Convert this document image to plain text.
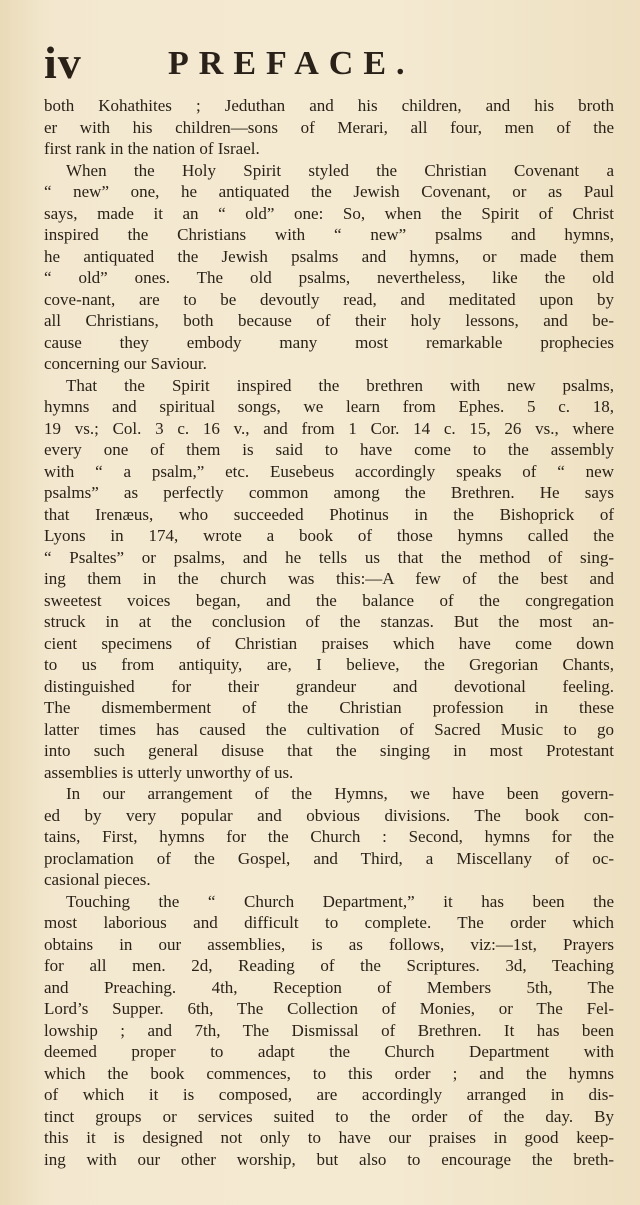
iv	PREFACE.
both Kohathites ; Jeduthan and his children, and his broth
er with his children—sons of Merari, all four, men of the
first rank in the nation of Israel.
When the Holy Spirit styled the Christian Covenant a
“ new” one, he antiquated the Jewish Covenant, or as Paul
says, made it an “ old” one: So, when the Spirit of Christ
inspired the Christians with “ new” psalms and hymns,
he antiquated the Jewish psalms and hymns, or made them
“ old” ones. The old psalms, nevertheless, like the old
cove-nant, are to be devoutly read, and meditated upon by
all Christians, both because of their holy lessons, and be-
cause they embody many most remarkable prophecies
concerning our Saviour.
That the Spirit inspired the brethren with new psalms,
hymns and spiritual songs, we learn from Ephes. 5 c. 18,
19 vs.; Col. 3 c. 16 v., and from 1 Cor. 14 c. 15, 26 vs., where
every one of them is said to have come to the assembly
with “ a psalm,” etc. Eusebeus accordingly speaks of “ new
psalms” as perfectly common among the Brethren. He says
that Irenæus, who succeeded Photinus in the Bishoprick of
Lyons in 174, wrote a book of those hymns called the
“ Psaltes” or psalms, and he tells us that the method of sing-
ing them in the church was this:—A few of the best and
sweetest voices began, and the balance of the congregation
struck in at the conclusion of the stanzas. But the most an-
cient specimens of Christian praises which have come down
to us from antiquity, are, I believe, the Gregorian Chants,
distinguished for their grandeur and devotional feeling.
The dismemberment of the Christian profession in these
latter times has caused the cultivation of Sacred Music to go
into such general disuse that the singing in most Protestant
assemblies is utterly unworthy of us.
In our arrangement of the Hymns, we have been govern-
ed by very popular and obvious divisions. The book con-
tains, First, hymns for the Church : Second, hymns for the
proclamation of the Gospel, and Third, a Miscellany of oc-
casional pieces.
Touching the “ Church Department,” it has been the
most laborious and difficult to complete. The order which
obtains in our assemblies, is as follows, viz:—1st, Prayers
for all men. 2d, Reading of the Scriptures. 3d, Teaching
and Preaching. 4th, Reception of Members 5th, The
Lord’s Supper. 6th, The Collection of Monies, or The Fel-
lowship ; and 7th, The Dismissal of Brethren. It has been
deemed proper to adapt the Church Department with
which the book commences, to this order ; and the hymns
of which it is composed, are accordingly arranged in dis-
tinct groups or services suited to the order of the day. By
this it is designed not only to have our praises in good keep-
ing with our other worship, but also to encourage the breth-
